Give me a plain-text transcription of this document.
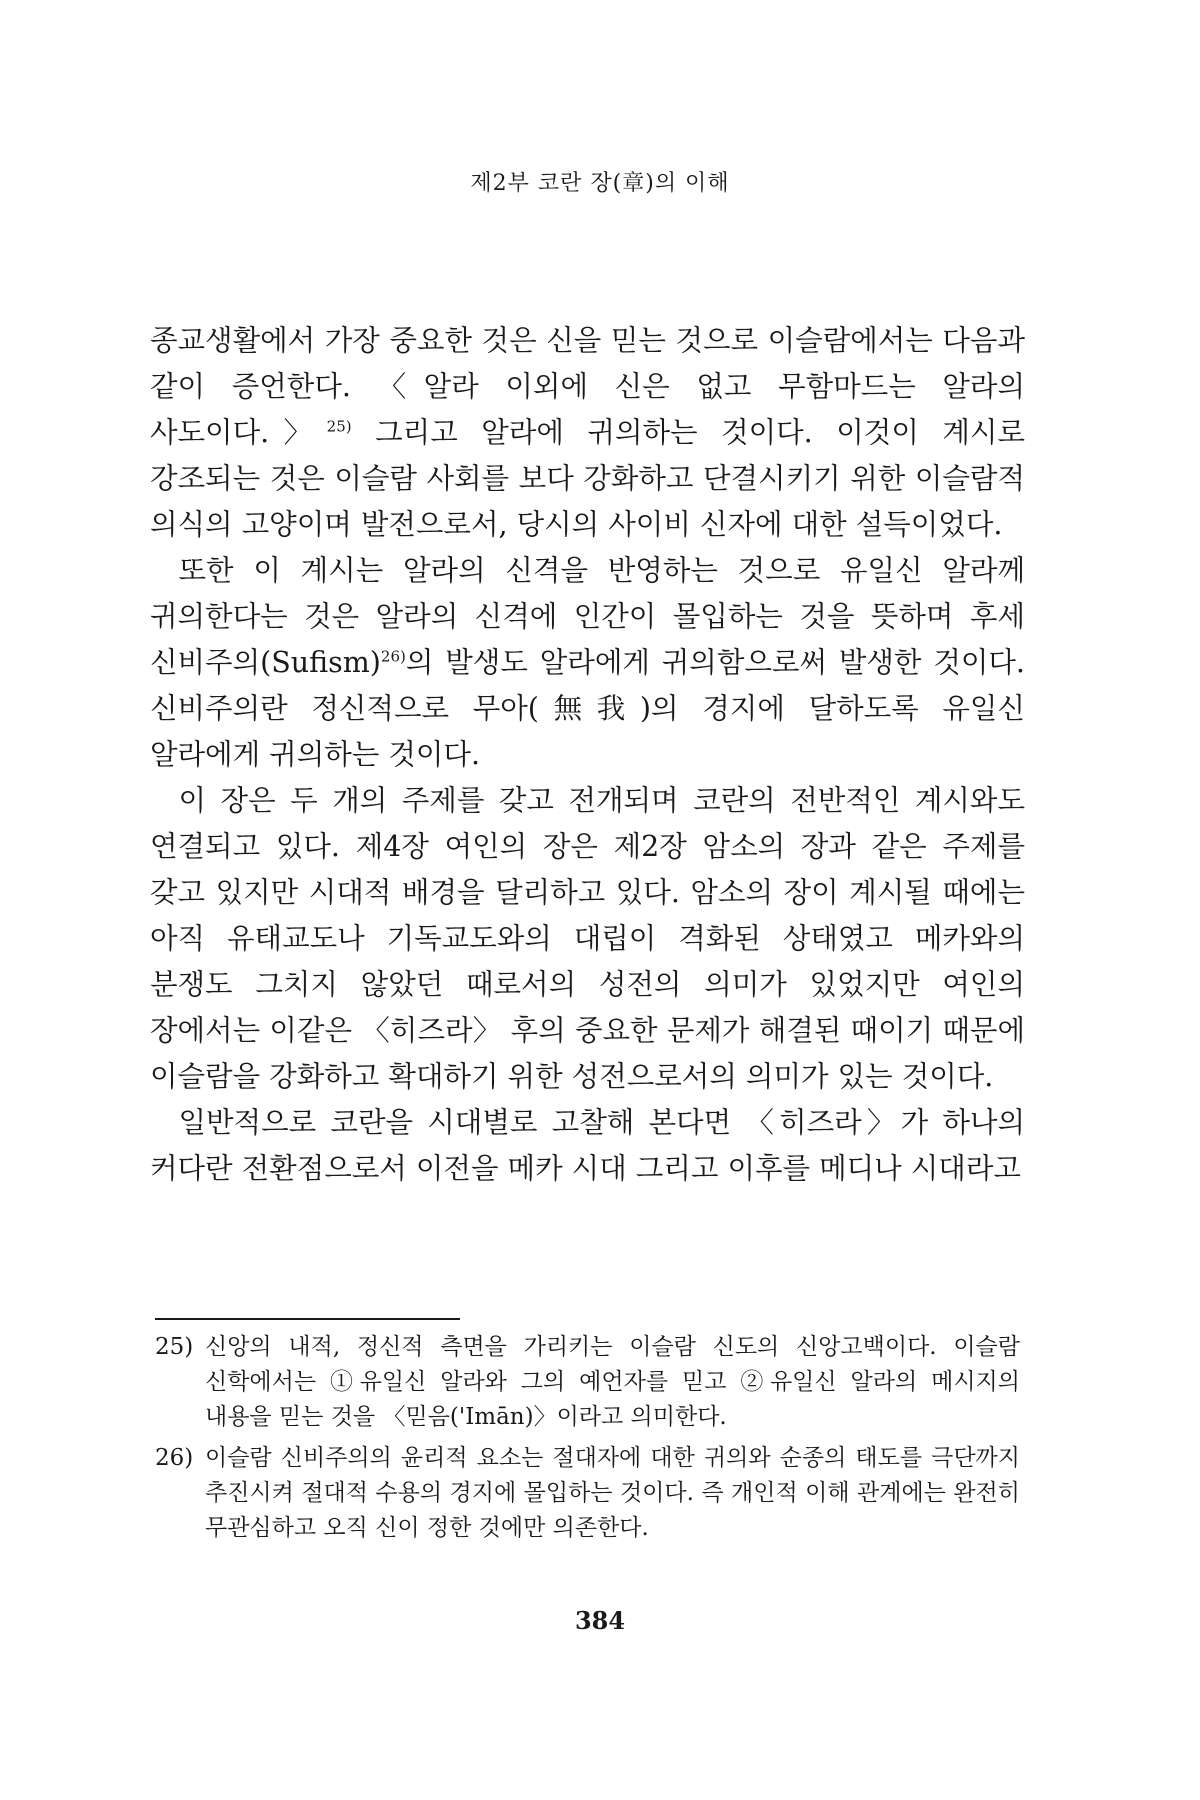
제2부 코란 장(章)의 이해

종교생활에서 가장 중요한 것은 신을 믿는 것으로 이슬람에서는 다음과 같이 증언한다. 〈알라 이외에 신은 없고 무함마드는 알라의 사도이다.〉$^{25)}$ 그리고 알라에 귀의하는 것이다. 이것이 계시로 강조되는 것은 이슬람 사회를 보다 강화하고 단결시키기 위한 이슬람적 의식의 고양이며 발전으로서, 당시의 사이비 신자에 대한 설득이었다.

또한 이 계시는 알라의 신격을 반영하는 것으로 유일신 알라께 귀의한다는 것은 알라의 신격에 인간이 몰입하는 것을 뜻하며 후세 신비주의(Sufism)$^{26)}$의 발생도 알라에게 귀의함으로써 발생한 것이다. 신비주의란 정신적으로 무아(無我)의 경지에 달하도록 유일신 알라에게 귀의하는 것이다.

이 장은 두 개의 주제를 갖고 전개되며 코란의 전반적인 계시와도 연결되고 있다. 제4장 여인의 장은 제2장 암소의 장과 같은 주제를 갖고 있지만 시대적 배경을 달리하고 있다. 암소의 장이 계시될 때에는 아직 유태교도나 기독교도와의 대립이 격화된 상태였고 메카와의 분쟁도 그치지 않았던 때로서의 성전의 의미가 있었지만 여인의 장에서는 이같은 〈히즈라〉 후의 중요한 문제가 해결된 때이기 때문에 이슬람을 강화하고 확대하기 위한 성전으로서의 의미가 있는 것이다.

일반적으로 코란을 시대별로 고찰해 본다면 〈히즈라〉가 하나의 커다란 전환점으로서 이전을 메카 시대 그리고 이후를 메디나 시대라고

25) 신앙의 내적, 정신적 측면을 가리키는 이슬람 신도의 신앙고백이다. 이슬람 신학에서는 ①유일신 알라와 그의 예언자를 믿고 ②유일신 알라의 메시지의 내용을 믿는 것을 〈믿음('Imān)〉이라고 의미한다.
26) 이슬람 신비주의의 윤리적 요소는 절대자에 대한 귀의와 순종의 태도를 극단까지 추진시켜 절대적 수용의 경지에 몰입하는 것이다. 즉 개인적 이해 관계에는 완전히 무관심하고 오직 신이 정한 것에만 의존한다.
384
